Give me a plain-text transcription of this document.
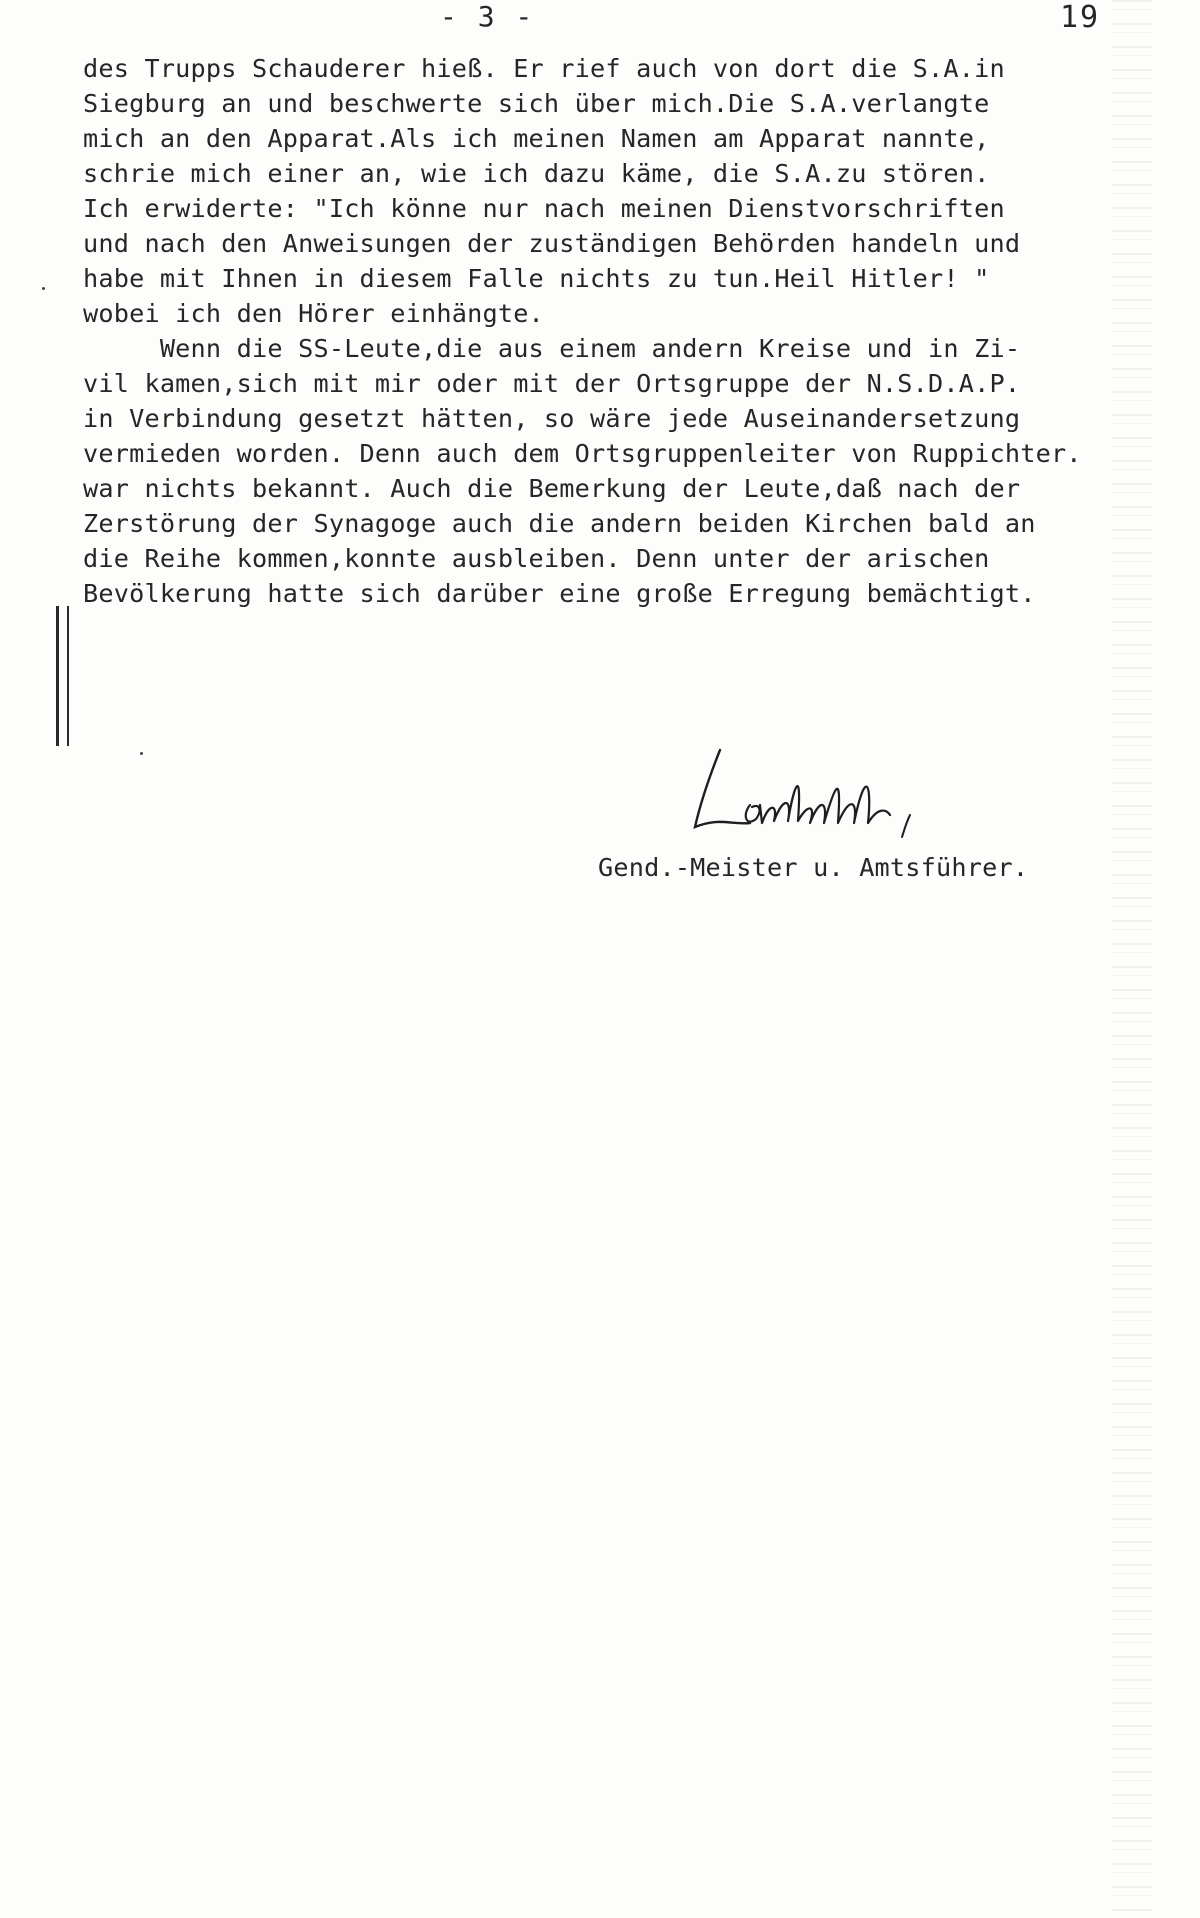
- 3 -	19
des Trupps Schauderer hieß. Er rief auch von dort die S.A.in
Siegburg an und beschwerte sich über mich.Die S.A.verlangte
mich an den Apparat.Als ich meinen Namen am Apparat nannte,
schrie mich einer an, wie ich dazu käme, die S.A.zu stören.
Ich erwiderte: "Ich könne nur nach meinen Dienstvorschriften
und nach den Anweisungen der zuständigen Behörden handeln und
habe mit Ihnen in diesem Falle nichts zu tun.Heil Hitler! "
wobei ich den Hörer einhängte.
Wenn die SS-Leute,die aus einem andern Kreise und in Zi-
vil kamen,sich mit mir oder mit der Ortsgruppe der N.S.D.A.P.
in Verbindung gesetzt hätten, so wäre jede Auseinandersetzung
vermieden worden. Denn auch dem Ortsgruppenleiter von Ruppichter.
war nichts bekannt. Auch die Bemerkung der Leute,daß nach der
Zerstörung der Synagoge auch die andern beiden Kirchen bald an
die Reihe kommen,konnte ausbleiben. Denn unter der arischen
Bevölkerung hatte sich darüber eine große Erregung bemächtigt.
Gend.-Meister u. Amtsführer.
